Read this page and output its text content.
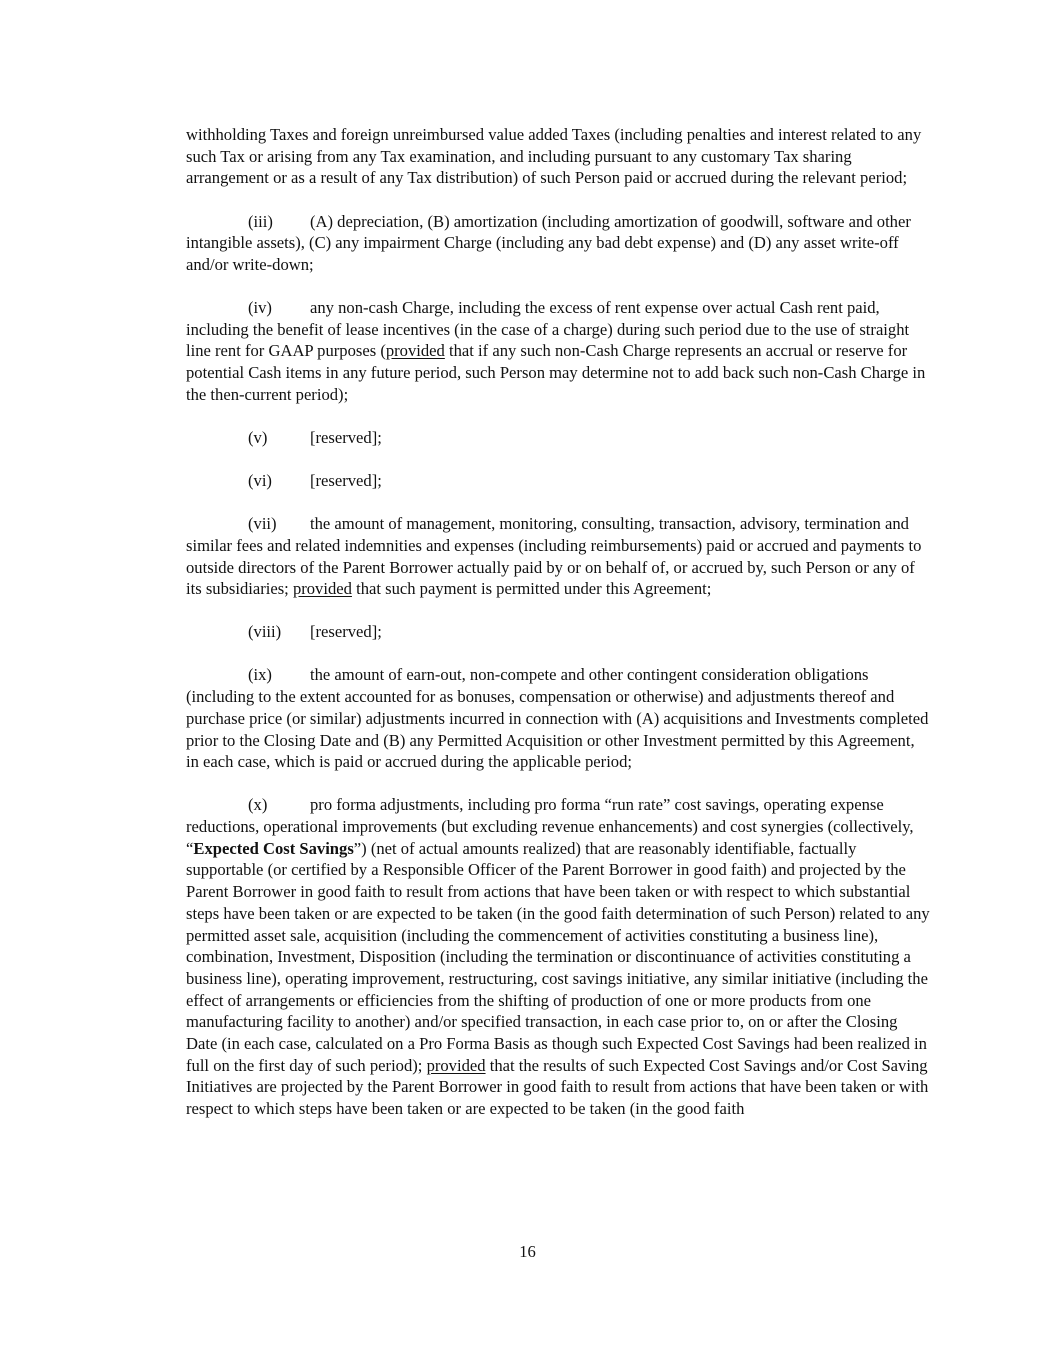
withholding Taxes and foreign unreimbursed value added Taxes (including penalties and interest related to any such Tax or arising from any Tax examination, and including pursuant to any customary Tax sharing arrangement or as a result of any Tax distribution) of such Person paid or accrued during the relevant period;

(iii) (A) depreciation, (B) amortization (including amortization of goodwill, software and other intangible assets), (C) any impairment Charge (including any bad debt expense) and (D) any asset write-off and/or write-down;

(iv) any non-cash Charge, including the excess of rent expense over actual Cash rent paid, including the benefit of lease incentives (in the case of a charge) during such period due to the use of straight line rent for GAAP purposes (provided that if any such non-Cash Charge represents an accrual or reserve for potential Cash items in any future period, such Person may determine not to add back such non-Cash Charge in the then-current period);

(v)	[reserved];

(vi) [reserved];

(vii) the amount of management, monitoring, consulting, transaction, advisory, termination and similar fees and related indemnities and expenses (including reimbursements) paid or accrued and payments to outside directors of the Parent Borrower actually paid by or on behalf of, or accrued by, such Person or any of its subsidiaries; provided that such payment is permitted under this Agreement;

(viii) [reserved];

(ix) the amount of earn-out, non-compete and other contingent consideration obligations (including to the extent accounted for as bonuses, compensation or otherwise) and adjustments thereof and purchase price (or similar) adjustments incurred in connection with (A) acquisitions and Investments completed prior to the Closing Date and (B) any Permitted Acquisition or other Investment permitted by this Agreement, in each case, which is paid or accrued during the applicable period;

(x)	pro forma adjustments, including pro forma “run rate” cost savings, operating expense reductions, operational improvements (but excluding revenue enhancements) and cost synergies (collectively, “Expected Cost Savings”) (net of actual amounts realized) that are reasonably identifiable, factually supportable (or certified by a Responsible Officer of the Parent Borrower in good faith) and projected by the Parent Borrower in good faith to result from actions that have been taken or with respect to which substantial steps have been taken or are expected to be taken (in the good faith determination of such Person) related to any permitted asset sale, acquisition (including the commencement of activities constituting a business line), combination, Investment, Disposition (including the termination or discontinuance of activities constituting a business line), operating improvement, restructuring, cost savings initiative, any similar initiative (including the effect of arrangements or efficiencies from the shifting of production of one or more products from one manufacturing facility to another) and/or specified transaction, in each case prior to, on or after the Closing Date (in each case, calculated on a Pro Forma Basis as though such Expected Cost Savings had been realized in full on the first day of such period); provided that the results of such Expected Cost Savings and/or Cost Saving Initiatives are projected by the Parent Borrower in good faith to result from actions that have been taken or with respect to which steps have been taken or are expected to be taken (in the good faith

16
